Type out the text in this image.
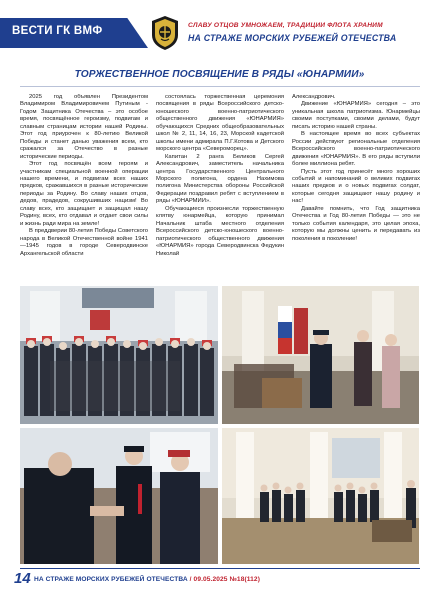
ВЕСТИ ГК ВМФ	СЛАВУ ОТЦОВ УМНОЖАЕМ, ТРАДИЦИИ ФЛОТА ХРАНИМ
НА СТРАЖЕ МОРСКИХ РУБЕЖЕЙ ОТЕЧЕСТВА
ТОРЖЕСТВЕННОЕ ПОСВЯЩЕНИЕ В РЯДЫ «ЮНАРМИИ»

2025 год объявлен Президентом Владимиром Владимировичем Путиным - Годом Защитника Отечества – это особое время, посвящённое героизму, подвигам и славным страницам истории нашей Родины. Этот год приурочен к 80-летию Великой Победы и станет данью уважения всем, кто сражался за Отечество в разные исторические периоды.

Этот год посвящён всем героям и участникам специальной военной операции нашего времени, и подвигам всех наших предков, сражавшихся в разные исторические периоды за Родину. Во славу наших отцов, дедов, прадедов, сокрушивших нацизм! Во славу всех, кто защищает и защищал нашу Родину, всех, кто отдавал и отдает свои силы и жизнь ради мира на земле!

В преддверии 80-летия Победы Советского народа в Великой Отечественной войне 1941—1945 годов в городе Северодвинске Архангельской области

состоялась торжественная церемония посвящения в ряды Всероссийского детско-юношеского военно-патриотического общественного движения «ЮНАРМИЯ» обучающихся Средних общеобразовательных школ № 2, 11, 14, 16, 23, Морской кадетской школы имени адмирала П.Г.Котова и Детского морского центра «Североморец».

Капитан 2 ранга Беликов Сергей Александрович, заместитель начальника центра Государственного Центрального Морского полигона, ордена Нахимова полигона Министерства обороны Российской Федерации поздравил ребят с вступлением в ряды «ЮНАРМИИ».

Обучающиеся произнесли торжественную клятву юнармейца, которую принимал Начальник штаба местного отделения Всероссийского детско-юношеского военно-патриотического общественного движения «ЮНАРМИЯ» города Северодвинска Федукин Николай

Александрович.

Движение «ЮНАРМИЯ» сегодня – это уникальная школа патриотизма. Юнармейцы своими поступками, своими делами, будут писать историю нашей страны.

В настоящее время во всех субъектах России действуют региональные отделения Всероссийского военно-патриотического движения «ЮНАРМИЯ». В его ряды вступили более миллиона ребят.

Пусть этот год принесёт много хороших событий и напоминаний о великих подвигах наших предков и о новых подвигах солдат, которые сегодня защищают нашу родину и нас!

Давайте помнить, что Год защитника Отечества и Год 80-летия Победы — это не только события календаря, это целая эпоха, которую мы должны ценить и передавать из поколения в поколение!

14 НА СТРАЖЕ МОРСКИХ РУБЕЖЕЙ ОТЕЧЕСТВА / 09.05.2025 №18(112)
